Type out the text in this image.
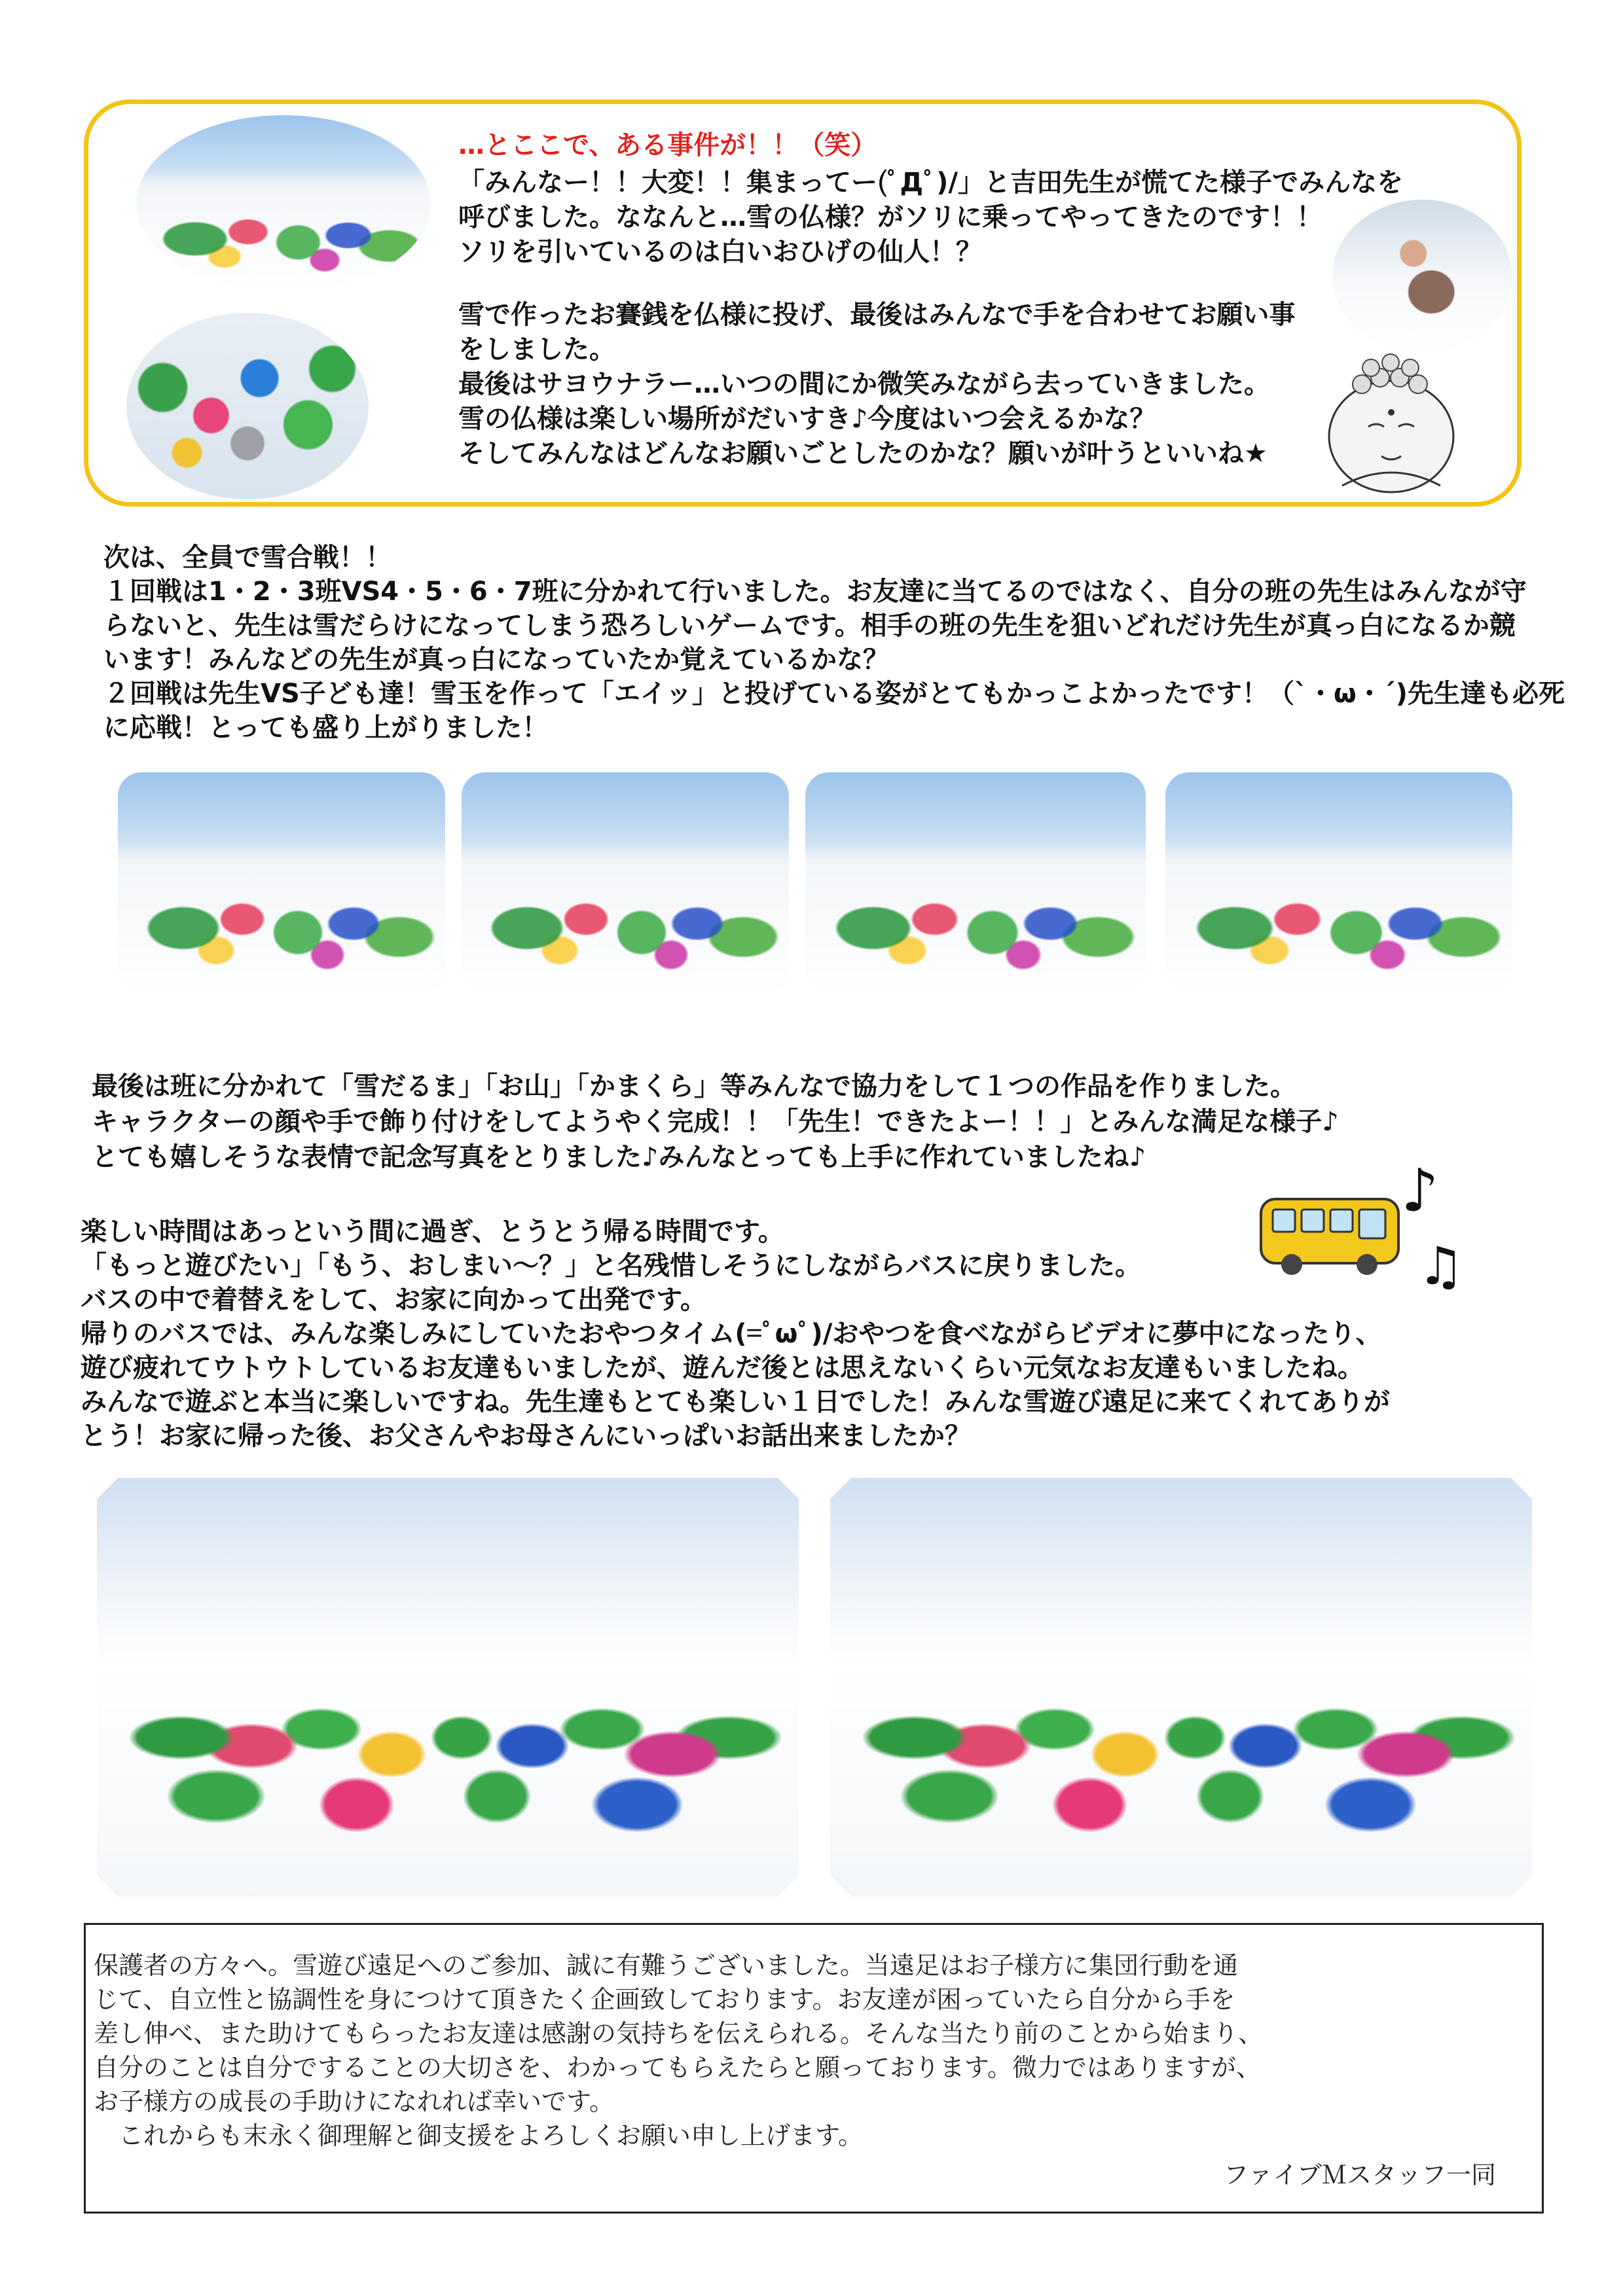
…とここで、ある事件が！！（笑）
「みんなー！！大変！！集まってー(ﾟДﾟ)/」と吉田先生が慌てた様子でみんなを
呼びました。ななんと…雪の仏様？がソリに乗ってやってきたのです！！
ソリを引いているのは白いおひげの仙人！？
雪で作ったお賽銭を仏様に投げ、最後はみんなで手を合わせてお願い事
をしました。
最後はサヨウナラー…いつの間にか微笑みながら去っていきました。
雪の仏様は楽しい場所がだいすき♪今度はいつ会えるかな？
そしてみんなはどんなお願いごとしたのかな？願いが叶うといいね★
次は、全員で雪合戦！！
１回戦は1・2・3班VS4・5・6・7班に分かれて行いました。お友達に当てるのではなく、自分の班の先生はみんなが守
らないと、先生は雪だらけになってしまう恐ろしいゲームです。相手の班の先生を狙いどれだけ先生が真っ白になるか競
います！みんなどの先生が真っ白になっていたか覚えているかな？
２回戦は先生VS子ども達！雪玉を作って「エイッ」と投げている姿がとてもかっこよかったです！（`・ω・´)先生達も必死
に応戦！とっても盛り上がりました！
最後は班に分かれて「雪だるま」「お山」「かまくら」等みんなで協力をして１つの作品を作りました。
キャラクターの顔や手で飾り付けをしてようやく完成！！「先生！できたよー！！」とみんな満足な様子♪
とても嬉しそうな表情で記念写真をとりました♪みんなとっても上手に作れていましたね♪	♪
♫
楽しい時間はあっという間に過ぎ、とうとう帰る時間です。
「もっと遊びたい」「もう、おしまい～？」と名残惜しそうにしながらバスに戻りました。
バスの中で着替えをして、お家に向かって出発です。
帰りのバスでは、みんな楽しみにしていたおやつタイム(=ﾟωﾟ)/おやつを食べながらビデオに夢中になったり、
遊び疲れてウトウトしているお友達もいましたが、遊んだ後とは思えないくらい元気なお友達もいましたね。
みんなで遊ぶと本当に楽しいですね。先生達もとても楽しい１日でした！みんな雪遊び遠足に来てくれてありが
とう！お家に帰った後、お父さんやお母さんにいっぱいお話出来ましたか？
保護者の方々へ。雪遊び遠足へのご参加、誠に有難うございました。当遠足はお子様方に集団行動を通
じて、自立性と協調性を身につけて頂きたく企画致しております。お友達が困っていたら自分から手を
差し伸べ、また助けてもらったお友達は感謝の気持ちを伝えられる。そんな当たり前のことから始まり、
自分のことは自分ですることの大切さを、わかってもらえたらと願っております。微力ではありますが、
お子様方の成長の手助けになれれば幸いです。
　これからも末永く御理解と御支援をよろしくお願い申し上げます。
ファイブＭスタッフ一同
